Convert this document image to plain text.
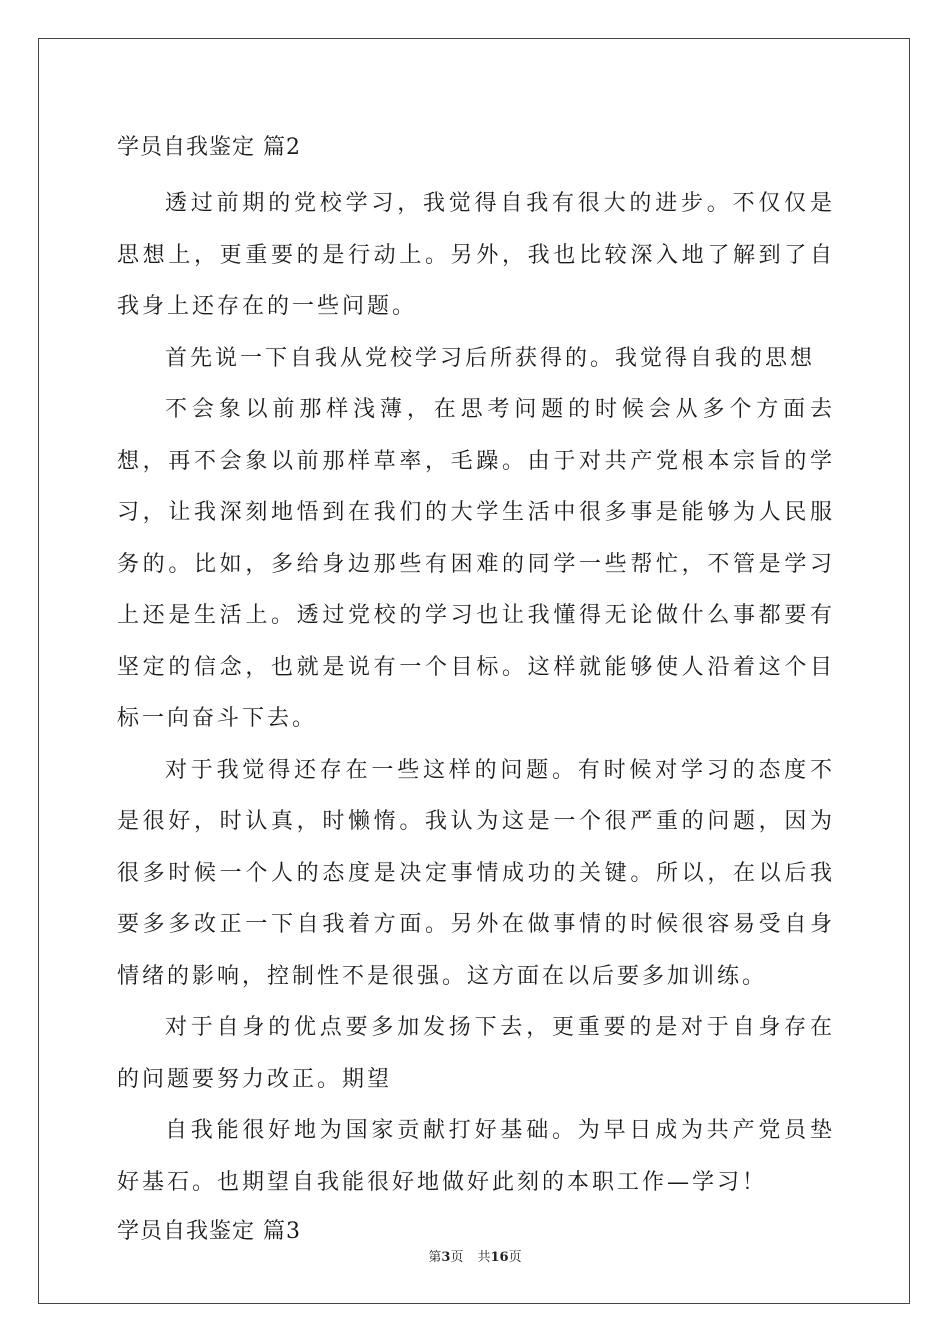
学员自我鉴定 篇2

透过前期的党校学习，我觉得自我有很大的进步。不仅仅是思想上，更重要的是行动上。另外，我也比较深入地了解到了自我身上还存在的一些问题。

首先说一下自我从党校学习后所获得的。我觉得自我的思想

不会象以前那样浅薄，在思考问题的时候会从多个方面去想，再不会象以前那样草率，毛躁。由于对共产党根本宗旨的学习，让我深刻地悟到在我们的大学生活中很多事是能够为人民服务的。比如，多给身边那些有困难的同学一些帮忙，不管是学习上还是生活上。透过党校的学习也让我懂得无论做什么事都要有坚定的信念，也就是说有一个目标。这样就能够使人沿着这个目标一向奋斗下去。

对于我觉得还存在一些这样的问题。有时候对学习的态度不是很好，时认真，时懒惰。我认为这是一个很严重的问题，因为很多时候一个人的态度是决定事情成功的关键。所以，在以后我要多多改正一下自我着方面。另外在做事情的时候很容易受自身情绪的影响，控制性不是很强。这方面在以后要多加训练。

对于自身的优点要多加发扬下去，更重要的是对于自身存在的问题要努力改正。期望

自我能很好地为国家贡献打好基础。为早日成为共产党员垫好基石。也期望自我能很好地做好此刻的本职工作—学习！

学员自我鉴定 篇3
第3页 共16页
